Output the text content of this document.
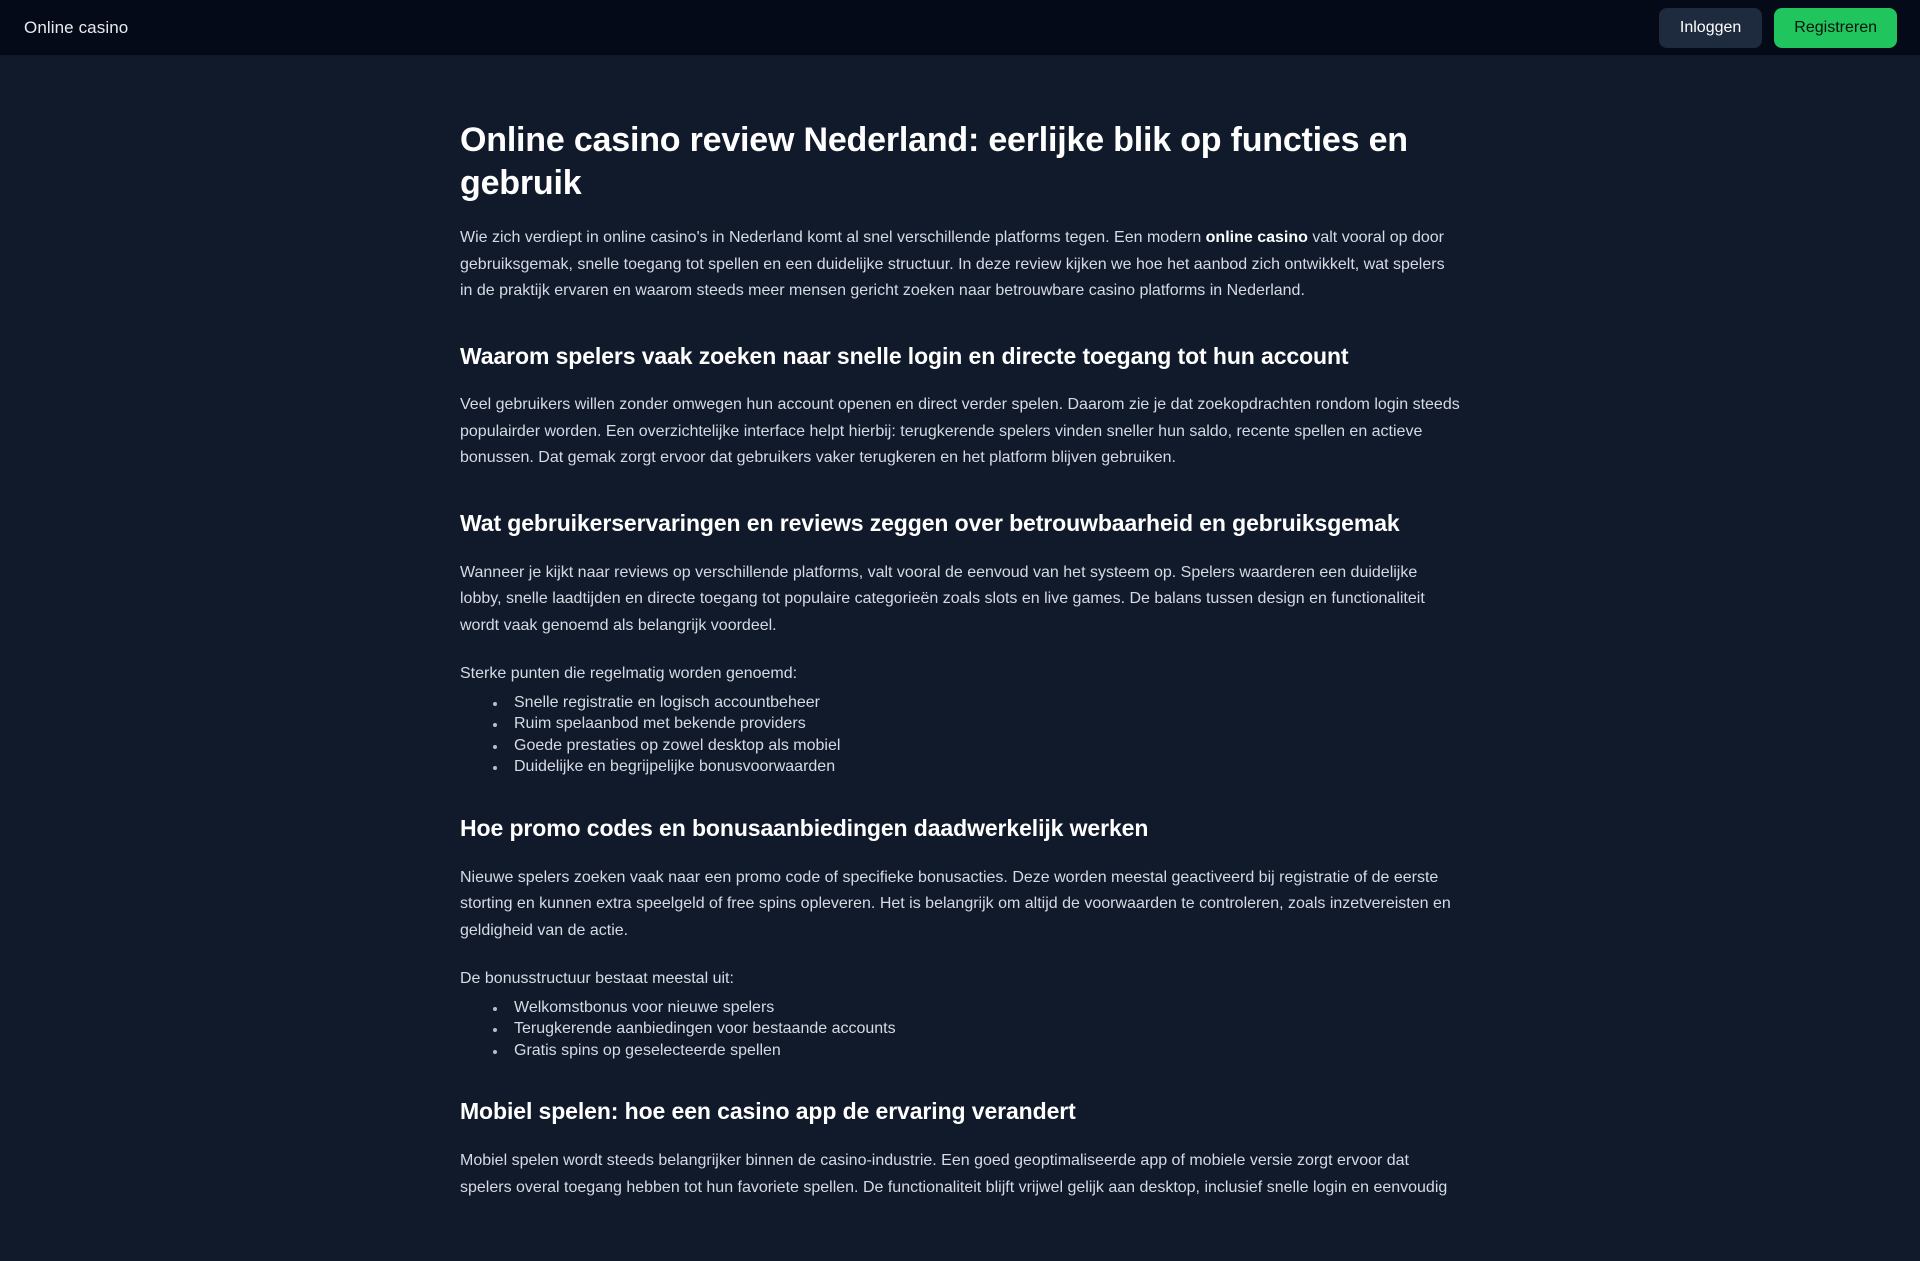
Online casino	Inloggen	Registreren
Online casino review Nederland: eerlijke blik op functies en gebruik

Wie zich verdiept in online casino's in Nederland komt al snel verschillende platforms tegen. Een modern online casino valt vooral op door gebruiksgemak, snelle toegang tot spellen en een duidelijke structuur. In deze review kijken we hoe het aanbod zich ontwikkelt, wat spelers in de praktijk ervaren en waarom steeds meer mensen gericht zoeken naar betrouwbare casino platforms in Nederland.

Waarom spelers vaak zoeken naar snelle login en directe toegang tot hun account

Veel gebruikers willen zonder omwegen hun account openen en direct verder spelen. Daarom zie je dat zoekopdrachten rondom login steeds populairder worden. Een overzichtelijke interface helpt hierbij: terugkerende spelers vinden sneller hun saldo, recente spellen en actieve bonussen. Dat gemak zorgt ervoor dat gebruikers vaker terugkeren en het platform blijven gebruiken.

Wat gebruikerservaringen en reviews zeggen over betrouwbaarheid en gebruiksgemak

Wanneer je kijkt naar reviews op verschillende platforms, valt vooral de eenvoud van het systeem op. Spelers waarderen een duidelijke lobby, snelle laadtijden en directe toegang tot populaire categorieën zoals slots en live games. De balans tussen design en functionaliteit wordt vaak genoemd als belangrijk voordeel.

Sterke punten die regelmatig worden genoemd:

Snelle registratie en logisch accountbeheer
Ruim spelaanbod met bekende providers
Goede prestaties op zowel desktop als mobiel
Duidelijke en begrijpelijke bonusvoorwaarden
Hoe promo codes en bonusaanbiedingen daadwerkelijk werken

Nieuwe spelers zoeken vaak naar een promo code of specifieke bonusacties. Deze worden meestal geactiveerd bij registratie of de eerste storting en kunnen extra speelgeld of free spins opleveren. Het is belangrijk om altijd de voorwaarden te controleren, zoals inzetvereisten en geldigheid van de actie.

De bonusstructuur bestaat meestal uit:

Welkomstbonus voor nieuwe spelers
Terugkerende aanbiedingen voor bestaande accounts
Gratis spins op geselecteerde spellen
Mobiel spelen: hoe een casino app de ervaring verandert

Mobiel spelen wordt steeds belangrijker binnen de casino-industrie. Een goed geoptimaliseerde app of mobiele versie zorgt ervoor dat spelers overal toegang hebben tot hun favoriete spellen. De functionaliteit blijft vrijwel gelijk aan desktop, inclusief snelle login en eenvoudig
